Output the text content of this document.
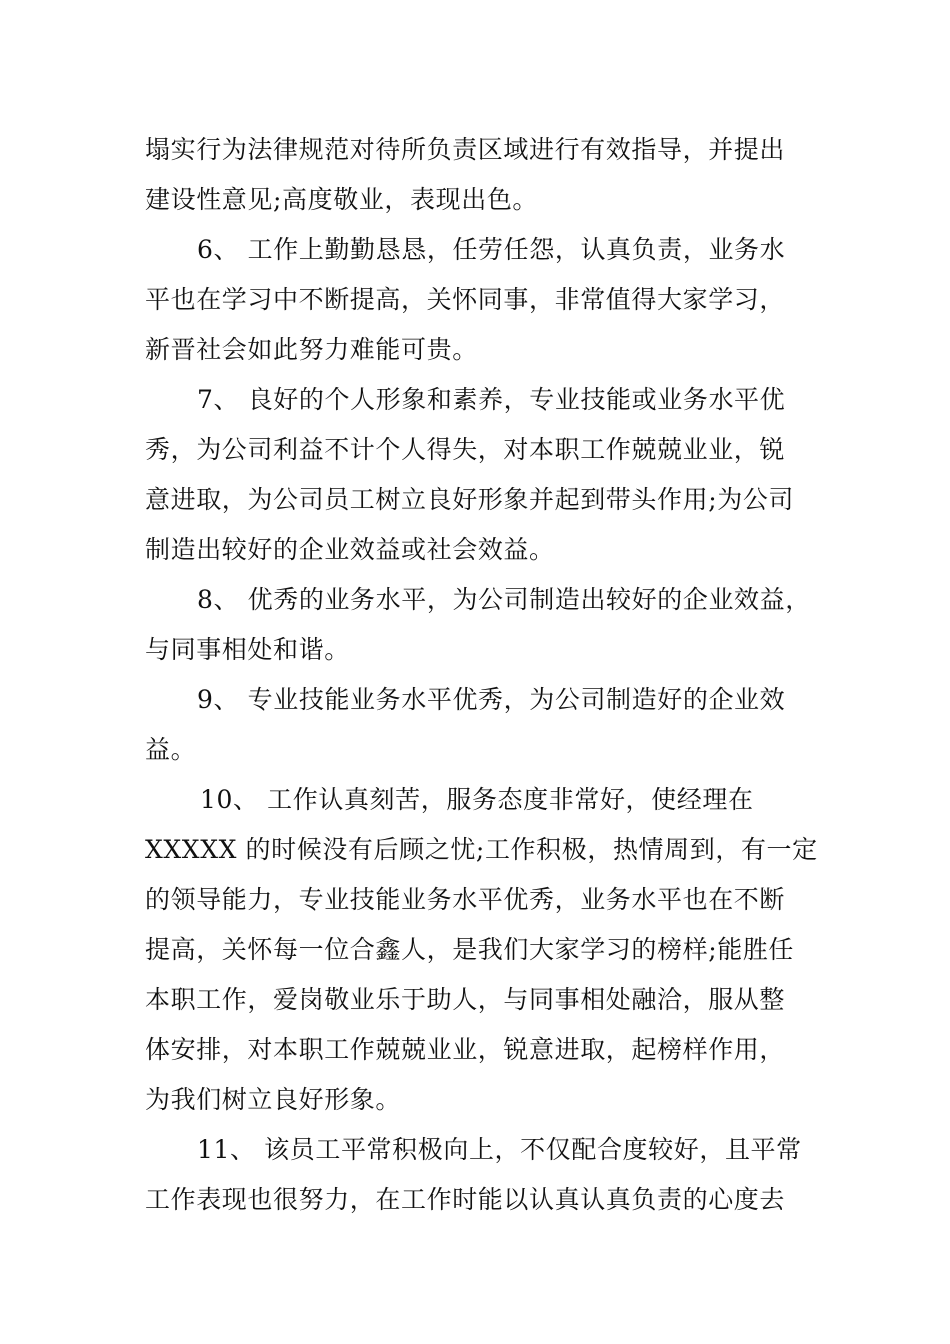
塌实行为法律规范对待所负责区域进行有效指导，并提出
建设性意见;高度敬业，表现出色。
6、 工作上勤勤恳恳，任劳任怨，认真负责，业务水
平也在学习中不断提高，关怀同事，非常值得大家学习，
新晋社会如此努力难能可贵。
7、 良好的个人形象和素养，专业技能或业务水平优
秀，为公司利益不计个人得失，对本职工作兢兢业业，锐
意进取，为公司员工树立良好形象并起到带头作用;为公司
制造出较好的企业效益或社会效益。
8、 优秀的业务水平，为公司制造出较好的企业效益，
与同事相处和谐。
9、 专业技能业务水平优秀，为公司制造好的企业效
益。
10、 工作认真刻苦，服务态度非常好，使经理在
XXXXX 的时候没有后顾之忧;工作积极，热情周到，有一定
的领导能力，专业技能业务水平优秀，业务水平也在不断
提高，关怀每一位合鑫人，是我们大家学习的榜样;能胜任
本职工作，爱岗敬业乐于助人，与同事相处融洽，服从整
体安排，对本职工作兢兢业业，锐意进取，起榜样作用，
为我们树立良好形象。
11、 该员工平常积极向上，不仅配合度较好，且平常
工作表现也很努力，在工作时能以认真认真负责的心度去
